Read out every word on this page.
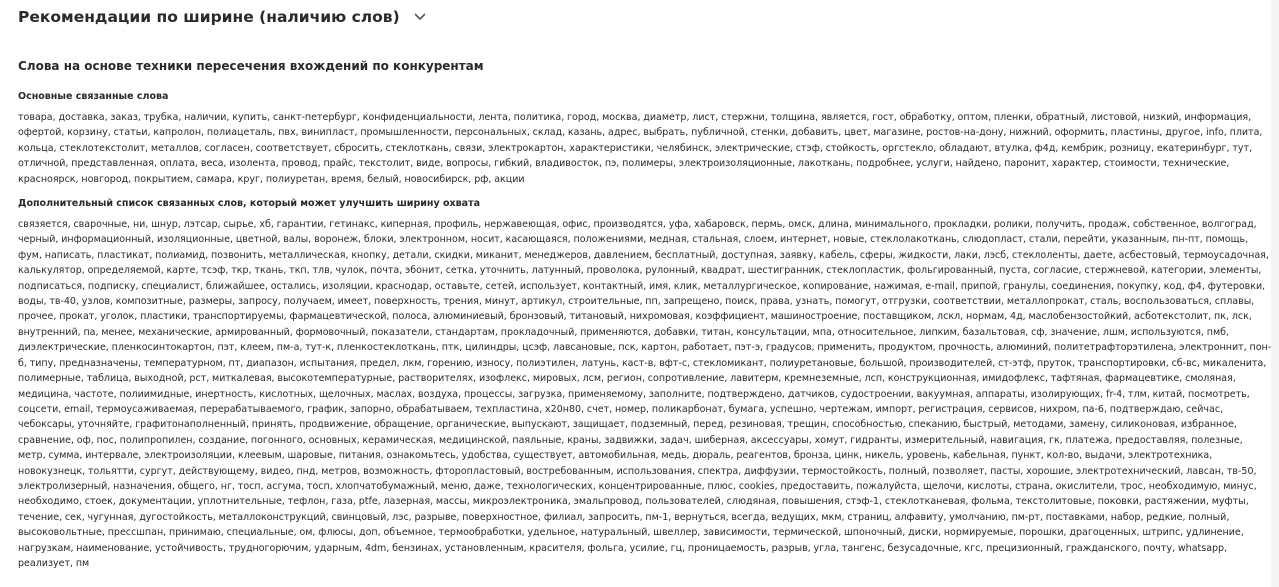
Рекомендации по ширине (наличию слов)
Слова на основе техники пересечения вхождений по конкурентам
Основные связанные слова

товара, доставка, заказ, трубка, наличии, купить, санкт-петербург, конфиденциальности, лента, политика, город, москва, диаметр, лист, стержни, толщина, является, гост, обработку, оптом, пленки, обратный, листовой, низкий, информация, офертой, корзину, статьи, капролон, полиацеталь, пвх, винипласт, промышленности, персональных, склад, казань, адрес, выбрать, публичной, стенки, добавить, цвет, магазине, ростов-на-дону, нижний, оформить, пластины, другое, info, плита, кольца, стеклотекстолит, металлов, согласен, соответствует, сбросить, стеклоткань, связи, электрокартон, характеристики, челябинск, электрические, стэф, стойкость, оргстекло, обладают, втулка, ф4д, кембрик, розницу, екатеринбург, тут, отличной, представленная, оплата, веса, изолента, провод, прайс, текстолит, виде, вопросы, гибкий, владивосток, пэ, полимеры, электроизоляционные, лакоткань, подробнее, услуги, найдено, паронит, характер, стоимости, технические, красноярск, новгород, покрытием, самара, круг, полиуретан, время, белый, новосибирск, рф, акции

Дополнительный список связанных слов, который может улучшить ширину охвата

связяется, сварочные, ни, шнур, лэтсар, сырье, хб, гарантии, гетинакс, киперная, профиль, нержавеющая, офис, производятся, уфа, хабаровск, пермь, омск, длина, минимального, прокладки, ролики, получить, продаж, собственное, волгоград, черный, информационный, изоляционные, цветной, валы, воронеж, блоки, электронном, носит, касающаяся, положениями, медная, стальная, слоем, интернет, новые, стеклолакоткань, слюдопласт, стали, перейти, указанным, пн-пт, помощь, фум, написать, пластикат, полиамид, позвонить, металлическая, кнопку, детали, скидки, миканит, менеджеров, давлением, бесплатный, доступная, заявку, кабель, сферы, жидкости, лаки, лэсб, стеклоленты, даете, асбестовый, термоусадочная, калькулятор, определяемой, карте, тсэф, ткр, ткань, ткп, тлв, чулок, почта, эбонит, сетка, уточнить, латунный, проволока, рулонный, квадрат, шестигранник, стеклопластик, фольгированный, пуста, согласие, стержневой, категории, элементы, подписаться, подписку, специалист, ближайшее, остались, изоляции, краснодар, оставьте, сетей, использует, контактный, имя, клик, металлургическое, копирование, нажимая, e-mail, припой, гранулы, соединения, покупку, код, ф4, футеровки, воды, тв-40, узлов, композитные, размеры, запросу, получаем, имеет, поверхность, трения, минут, артикул, строительные, пп, запрещено, поиск, права, узнать, помогут, отгрузки, соответствии, металлопрокат, сталь, воспользоваться, сплавы, прочее, прокат, уголок, пластики, транспортируемы, фармацевтической, полоса, алюминиевый, бронзовый, титановый, нихромовая, коэффициент, машиностроение, поставщиком, лскл, нормам, 4д, маслобензостойкий, асботекстолит, пк, лск, внутренний, па, менее, механические, армированный, формовочный, показатели, стандартам, прокладочный, применяются, добавки, титан, консультации, мпа, относительное, липким, базальтовая, сф, значение, лшм, используются, пмб, диэлектрические, пленкосинтокартон, пэт, клеем, пм-а, тут-к, пленкостеклоткань, птк, цилиндры, цсэф, лавсановые, пск, картон, работает, пэт-э, градусов, применить, продуктом, прочность, алюминий, политетрафторэтилена, электроннит, пон-б, типу, предназначены, температурном, пт, диапазон, испытания, предел, лкм, горению, износу, полиэтилен, латунь, каст-в, вфт-с, стекломикант, полиуретановые, большой, производителей, ст-этф, пруток, транспортировки, сб-вс, микаленита, полимерные, таблица, выходной, рст, миткалевая, высокотемпературные, растворителях, изофлекс, мировых, лсм, регион, сопротивление, лавитерм, кремнеземные, лсп, конструкционная, имидофлекс, тафтяная, фармацевтике, смоляная, медицина, частоте, полиимидные, инертность, кислотных, щелочных, маслах, воздуха, процессы, загрузка, применяемому, заполните, подтверждено, датчиков, судостроении, вакуумная, аппараты, изолирующих, fr-4, тлм, китай, посмотреть, соцсети, email, термоусаживаемая, перерабатываемого, график, запорно, обрабатываем, техпластина, x20н80, счет, номер, поликарбонат, бумага, успешно, чертежам, импорт, регистрация, сервисов, нихром, па-6, подтверждаю, сейчас, чебоксары, уточняйте, графитонаполненный, принять, продвижение, обращение, органические, выпускают, защищает, подземный, перед, резиновая, трещин, способностью, спеканию, быстрый, методами, замену, силиконовая, избранное, сравнение, оф, пос, полипропилен, создание, погонного, основных, керамическая, медицинской, паяльные, краны, задвижки, задач, шиберная, аксессуары, хомут, гидранты, измерительный, навигация, гк, платежа, предоставляя, полезные, метр, сумма, интервале, электроизоляции, клеевым, шаровые, питания, ознакомьтесь, удобства, существует, автомобильная, медь, дюраль, реагентов, бронза, цинк, никель, уровень, кабельная, пункт, кол-во, выдачи, электротехника, новокузнецк, тольятти, сургут, действующему, видео, пнд, метров, возможность, фторопластовый, востребованным, использования, спектра, диффузии, термостойкость, полный, позволяет, пасты, хорошие, электротехнический, лавсан, тв-50, электролизерный, назначения, общего, нг, тосп, асгума, тосп, хлопчатобумажный, меню, даже, технологических, концентрированные, плюс, cookies, предоставить, пожалуйста, щелочи, кислоты, страна, окислители, трос, необходимую, минус, необходимо, стоек, документации, уплотнительные, тефлон, газа, ptfe, лазерная, массы, микроэлектроника, эмальпровод, пользователей, слюдяная, повышения, стэф-1, стеклотканевая, фольма, текстолитовые, поковки, растяжении, муфты, течение, сек, чугунная, дугостойкость, металлоконструкций, свинцовый, лэс, разрыве, поверхностное, филиал, запросить, пм-1, вернуться, всегда, ведущих, мкм, страниц, алфавиту, умолчанию, пм-рт, поставками, набор, редкие, полный, высоковольтные, прессшпан, принимаю, специальные, ом, флюсы, доп, объемное, термообработки, удельное, натуральный, швеллер, зависимости, термической, шпоночный, диски, нормируемые, порошки, драгоценных, штрипс, удлинение, нагрузкам, наименование, устойчивость, трудногорючим, ударным, 4dm, бензинах, установленным, красителя, фольга, усилие, гц, проницаемость, разрыв, угла, тангенс, безусадочные, кгс, прецизионный, гражданского, почту, whatsapp, реализует, пм
